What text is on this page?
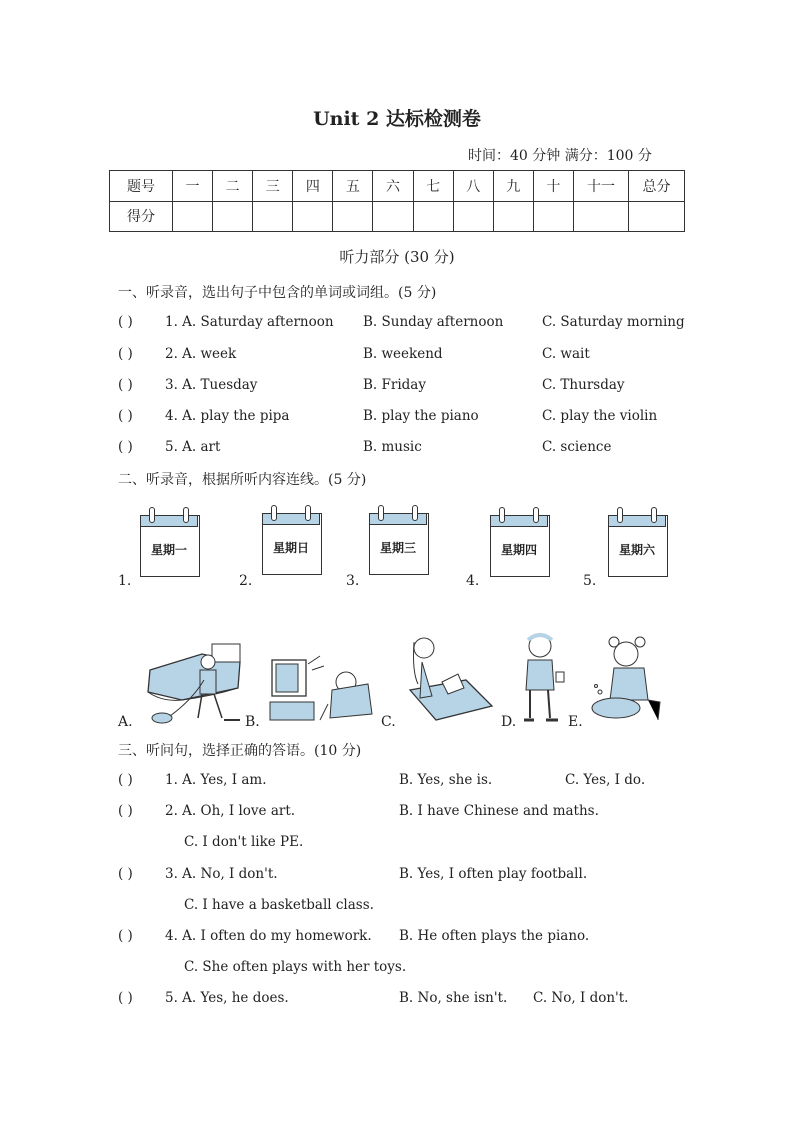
Unit 2 达标检测卷
时间：40 分钟 满分：100 分
题号	一	二	三	四	五	六	七	八	九	十	十一	总分
得分												
听力部分 (30 分)
一、听录音，选出句子中包含的单词或词组。(5 分)
( ) 1. A. Saturday afternoon B. Sunday afternoon	C. Saturday morning
( ) 2. A. week	B. weekend	C. wait
( ) 3. A. Tuesday	B. Friday	C. Thursday
( ) 4. A. play the pipa	B. play the piano	C. play the violin
( ) 5. A. art	B. music	C. science
二、听录音，根据所听内容连线。(5 分)
1.
星期一
2.
星期日
3.
星期三
4.
星期四
5.
星期六
A.	B.	C.	D.	E.
三、听问句，选择正确的答语。(10 分)
( ) 1. A. Yes, I am.	B. Yes, she is.	C. Yes, I do.
( ) 2. A. Oh, I love art.	B. I have Chinese and maths.
C. I don't like PE.
( ) 3. A. No, I don't.	B. Yes, I often play football.
C. I have a basketball class.
( ) 4. A. I often do my homework. B. He often plays the piano.
C. She often plays with her toys.
( ) 5. A. Yes, he does.	B. No, she isn't. C. No, I don't.
